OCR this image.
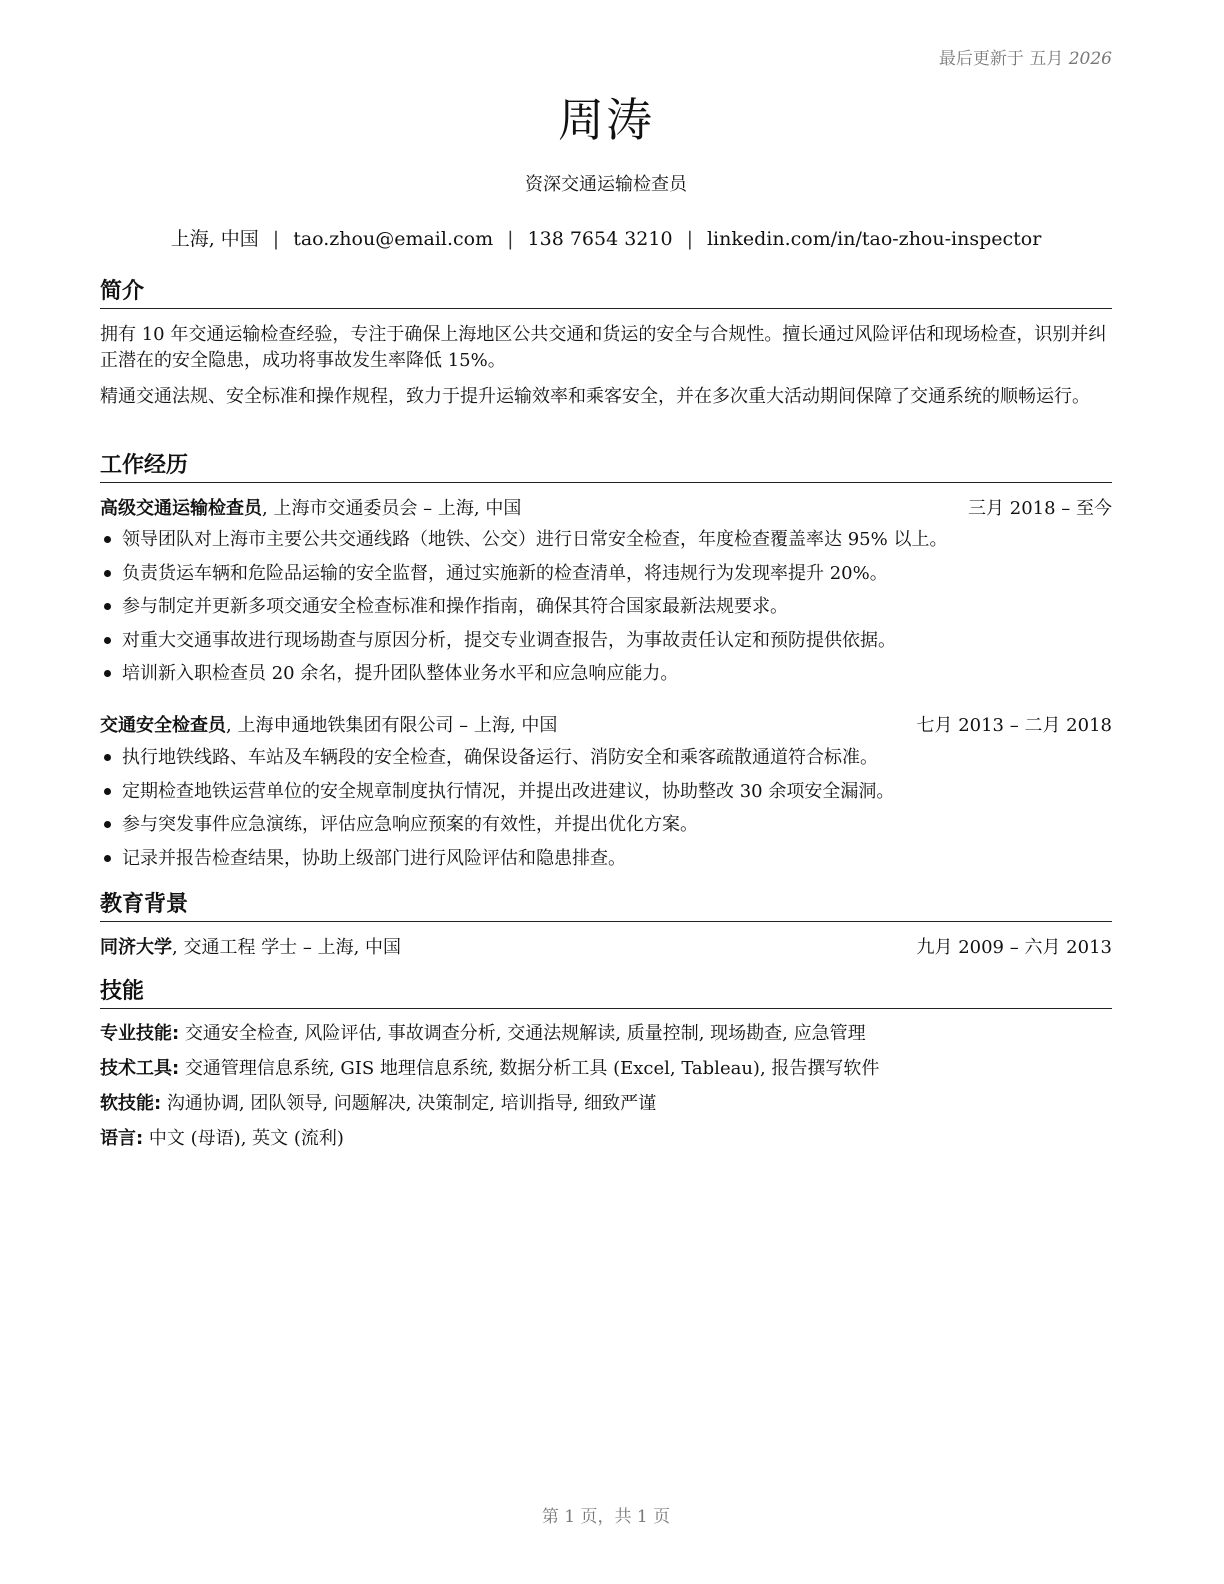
最后更新于 五月 2026
周涛
资深交通运输检查员
上海, 中国 | tao.zhou@email.com | 138 7654 3210 | linkedin.com/in/tao-zhou-inspector
简介
拥有 10 年交通运输检查经验，专注于确保上海地区公共交通和货运的安全与合规性。擅长通过风险评估和现场检查，识别并纠正潜在的安全隐患，成功将事故发生率降低 15%。
精通交通法规、安全标准和操作规程，致力于提升运输效率和乘客安全，并在多次重大活动期间保障了交通系统的顺畅运行。
工作经历
高级交通运输检查员, 上海市交通委员会 – 上海, 中国	三月 2018 – 至今
领导团队对上海市主要公共交通线路（地铁、公交）进行日常安全检查，年度检查覆盖率达 95% 以上。
负责货运车辆和危险品运输的安全监督，通过实施新的检查清单，将违规行为发现率提升 20%。
参与制定并更新多项交通安全检查标准和操作指南，确保其符合国家最新法规要求。
对重大交通事故进行现场勘查与原因分析，提交专业调查报告，为事故责任认定和预防提供依据。
培训新入职检查员 20 余名，提升团队整体业务水平和应急响应能力。
交通安全检查员, 上海申通地铁集团有限公司 – 上海, 中国	七月 2013 – 二月 2018
执行地铁线路、车站及车辆段的安全检查，确保设备运行、消防安全和乘客疏散通道符合标准。
定期检查地铁运营单位的安全规章制度执行情况，并提出改进建议，协助整改 30 余项安全漏洞。
参与突发事件应急演练，评估应急响应预案的有效性，并提出优化方案。
记录并报告检查结果，协助上级部门进行风险评估和隐患排查。
教育背景
同济大学, 交通工程 学士 – 上海, 中国	九月 2009 – 六月 2013
技能
专业技能: 交通安全检查, 风险评估, 事故调查分析, 交通法规解读, 质量控制, 现场勘查, 应急管理
技术工具: 交通管理信息系统, GIS 地理信息系统, 数据分析工具 (Excel, Tableau), 报告撰写软件
软技能: 沟通协调, 团队领导, 问题解决, 决策制定, 培训指导, 细致严谨
语言: 中文 (母语), 英文 (流利)
第 1 页，共 1 页
